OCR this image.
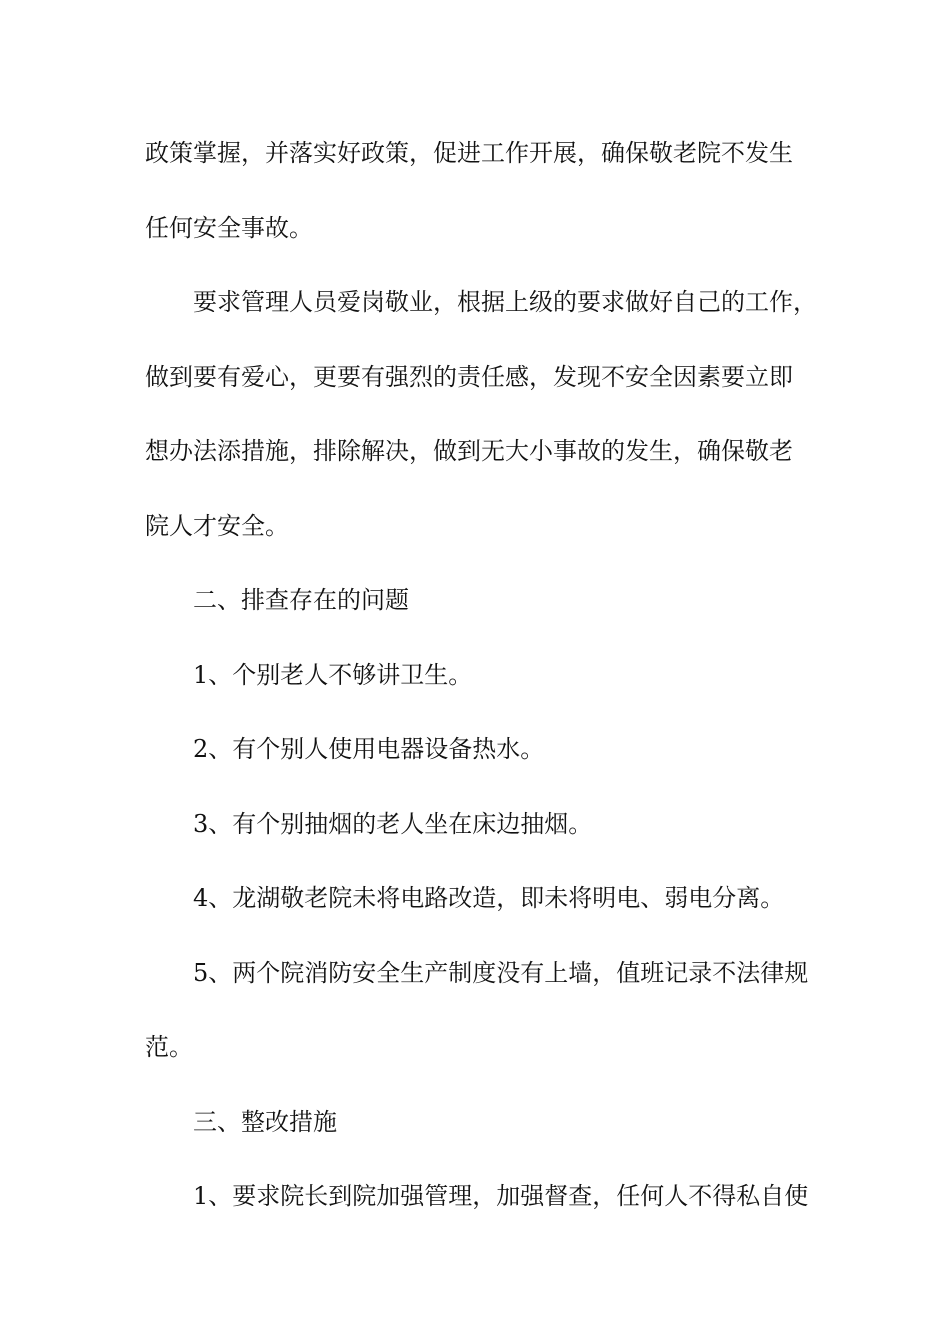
政策掌握，并落实好政策，促进工作开展，确保敬老院不发生
任何安全事故。
要求管理人员爱岗敬业，根据上级的要求做好自己的工作，
做到要有爱心，更要有强烈的责任感，发现不安全因素要立即
想办法添措施，排除解决，做到无大小事故的发生，确保敬老
院人才安全。
二、排查存在的问题
1、个别老人不够讲卫生。
2、有个别人使用电器设备热水。
3、有个别抽烟的老人坐在床边抽烟。
4、龙湖敬老院未将电路改造，即未将明电、弱电分离。
5、两个院消防安全生产制度没有上墙，值班记录不法律规
范。
三、整改措施
1、要求院长到院加强管理，加强督查，任何人不得私自使
